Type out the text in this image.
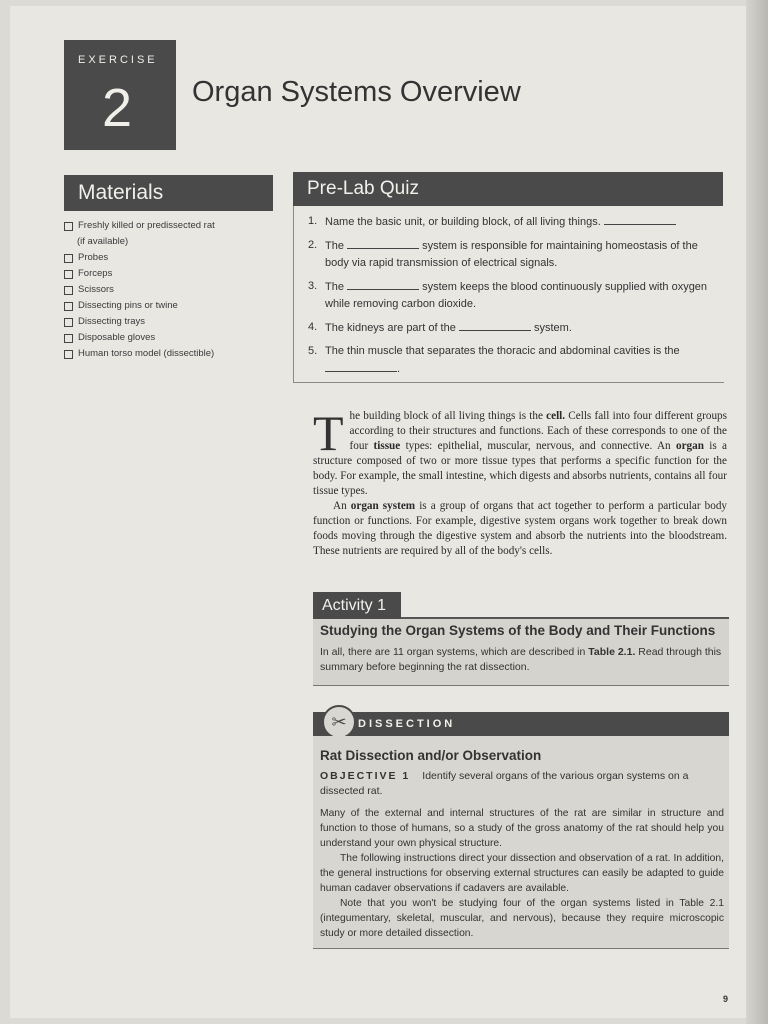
EXERCISE
2 Organ Systems Overview
Materials
Freshly killed or predissected rat
(if available)
Probes
Forceps
Scissors
Dissecting pins or twine
Dissecting trays
Disposable gloves
Human torso model (dissectible)
Pre-Lab Quiz
1. Name the basic unit, or building block, of all living things.
2. The	system is responsible for maintaining homeostasis of the body via rapid transmission of electrical signals.
3. The	system keeps the blood continuously supplied with oxygen while removing carbon dioxide.
4. The kidneys are part of the	system.
5. The thin muscle that separates the thoracic and abdominal cavities is the
.

The building block of all living things is the cell. Cells fall into four different groups according to their structures and functions. Each of these corresponds to one of the four tissue types: epithelial, muscular, nervous, and connective. An organ is a structure composed of two or more tissue types that performs a specific function for the body. For example, the small intestine, which digests and absorbs nutrients, contains all four tissue types.

An organ system is a group of organs that act together to perform a particular body function or functions. For example, digestive system organs work together to break down foods moving through the digestive system and absorb the nutrients into the bloodstream. These nutrients are required by all of the body's cells.

Activity 1
Studying the Organ Systems of the Body and Their Functions
In all, there are 11 organ systems, which are described in Table 2.1. Read through this summary before beginning the rat dissection.
✂	DISSECTION
Rat Dissection and/or Observation
OBJECTIVE 1 Identify several organs of the various organ systems on a dissected rat.

Many of the external and internal structures of the rat are similar in structure and function to those of humans, so a study of the gross anatomy of the rat should help you understand your own physical structure.

The following instructions direct your dissection and observation of a rat. In addition, the general instructions for observing external structures can easily be adapted to guide human cadaver observations if cadavers are available.

Note that you won't be studying four of the organ systems listed in Table 2.1 (integumentary, skeletal, muscular, and nervous), because they require microscopic study or more detailed dissection.

9
